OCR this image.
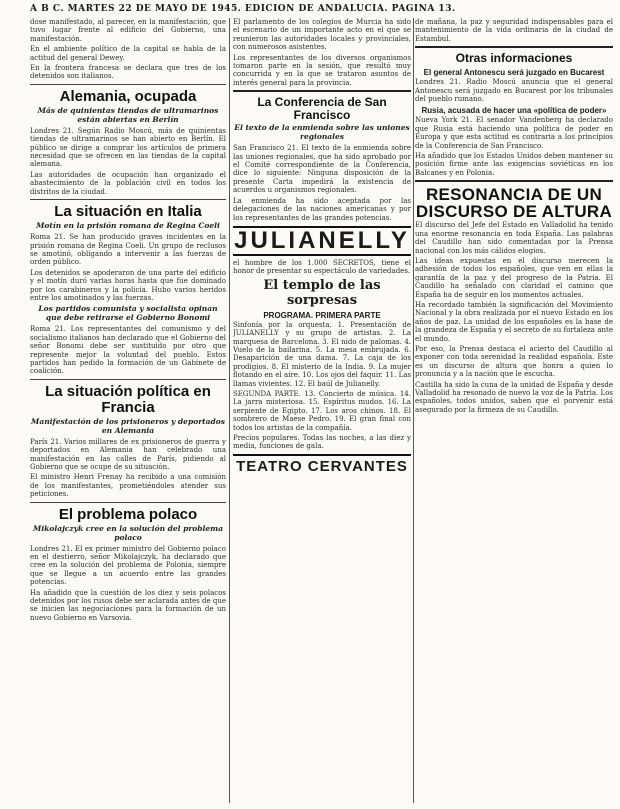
A B C. MARTES 22 DE MAYO DE 1945. EDICION DE ANDALUCIA. PAGINA 13.

dose manifestado, al parecer, en la manifestación, que tuvo lugar frente al edificio del Gobierno, una manifestación.

En el ambiente político de la capital se habla de la actitud del general Dewey.

En la frontera francesa se declara que tres de los detenidos son italianos.

Alemania, ocupada
Más de quinientas tiendas de ultramarinos están abiertas en Berlín

Londres 21. Según Radio Moscú, más de quinientas tiendas de ultramarinos se han abierto en Berlín. El público se dirige a comprar los artículos de primera necesidad que se ofrecen en las tiendas de la capital alemana.

Las autoridades de ocupación han organizado el abastecimiento de la población civil en todos los distritos de la ciudad.

La situación en Italia
Motín en la prisión romana de Regina Coeli

Roma 21. Se han producido graves incidentes en la prisión romana de Regina Coeli. Un grupo de reclusos se amotinó, obligando a intervenir a las fuerzas de orden público.

Los detenidos se apoderaron de una parte del edificio y el motín duró varias horas hasta que fue dominado por los carabineros y la policía. Hubo varios heridos entre los amotinados y las fuerzas.

Los partidos comunista y socialista opinan que debe retirarse el Gobierno Bonomi

Roma 21. Los representantes del comunismo y del socialismo italianos han declarado que el Gobierno del señor Bonomi debe ser sustituido por otro que represente mejor la voluntad del pueblo. Estos partidos han pedido la formación de un Gabinete de coalición.

La situación política en Francia
Manifestación de los prisioneros y deportados en Alemania

París 21. Varios millares de ex prisioneros de guerra y deportados en Alemania han celebrado una manifestación en las calles de París, pidiendo al Gobierno que se ocupe de su situación.

El ministro Henri Frenay ha recibido a una comisión de los manifestantes, prometiéndoles atender sus peticiones.

El problema polaco
Mikolajczyk cree en la solución del problema polaco

Londres 21. El ex primer ministro del Gobierno polaco en el destierro, señor Mikolajczyk, ha declarado que cree en la solución del problema de Polonia, siempre que se llegue a un acuerdo entre las grandes potencias.

Ha añadido que la cuestión de los diez y seis polacos detenidos por los rusos debe ser aclarada antes de que se inicien las negociaciones para la formación de un nuevo Gobierno en Varsovia.

El parlamento de los colegios de Murcia ha sido el escenario de un importante acto en el que se reunieron las autoridades locales y provinciales, con numerosos asistentes.

Los representantes de los diversos organismos tomaron parte en la sesión, que resultó muy concurrida y en la que se trataron asuntos de interés general para la provincia.

La Conferencia de San Francisco
El texto de la enmienda sobre las uniones regionales

San Francisco 21. El texto de la enmienda sobre las uniones regionales, que ha sido aprobado por el Comité correspondiente de la Conferencia, dice lo siguiente: Ninguna disposición de la presente Carta impedirá la existencia de acuerdos u organismos regionales.

La enmienda ha sido aceptada por las delegaciones de las naciones americanas y por los representantes de las grandes potencias.

JULIANELLY

el hombre de los 1.000 SECRETOS, tiene el honor de presentar su espectáculo de variedades.

El templo de las sorpresas
PROGRAMA. PRIMERA PARTE

Sinfonía por la orquesta. 1. Presentación de JULIANELLY y su grupo de artistas. 2. La marquesa de Barcelona. 3. El nido de palomas. 4. Vuelo de la bailarina. 5. La mesa embrujada. 6. Desaparición de una dama. 7. La caja de los prodigios. 8. El misterio de la India. 9. La mujer flotando en el aire. 10. Los ojos del faquir. 11. Las llamas vivientes. 12. El baúl de Julianelly.

SEGUNDA PARTE. 13. Concierto de música. 14. La jarra misteriosa. 15. Espíritus mudos. 16. La serpiente de Egipto. 17. Los aros chinos. 18. El sombrero de Maese Pedro. 19. El gran final con todos los artistas de la compañía.

Precios populares. Todas las noches, a las diez y media, funciones de gala.

TEATRO CERVANTES

de mañana, la paz y seguridad indispensables para el mantenimiento de la vida ordinaria de la ciudad de Estambul.

Otras informaciones
El general Antonescu será juzgado en Bucarest

Londres 21. Radio Moscú anuncia que el general Antonescu será juzgado en Bucarest por los tribunales del pueblo rumano.

Rusia, acusada de hacer una «política de poder»

Nueva York 21. El senador Vandenberg ha declarado que Rusia está haciendo una política de poder en Europa y que esta actitud es contraria a los principios de la Conferencia de San Francisco.

Ha añadido que los Estados Unidos deben mantener su posición firme ante las exigencias soviéticas en los Balcanes y en Polonia.

RESONANCIA DE UN DISCURSO DE ALTURA

El discurso del Jefe del Estado en Valladolid ha tenido una enorme resonancia en toda España. Las palabras del Caudillo han sido comentadas por la Prensa nacional con los más cálidos elogios.

Las ideas expuestas en el discurso merecen la adhesión de todos los españoles, que ven en ellas la garantía de la paz y del progreso de la Patria. El Caudillo ha señalado con claridad el camino que España ha de seguir en los momentos actuales.

Ha recordado también la significación del Movimiento Nacional y la obra realizada por el nuevo Estado en los años de paz. La unidad de los españoles es la base de la grandeza de España y el secreto de su fortaleza ante el mundo.

Por eso, la Prensa destaca el acierto del Caudillo al exponer con toda serenidad la realidad española. Este es un discurso de altura que honra a quien lo pronuncia y a la nación que le escucha.

Castilla ha sido la cuna de la unidad de España y desde Valladolid ha resonado de nuevo la voz de la Patria. Los españoles, todos unidos, saben que el porvenir está asegurado por la firmeza de su Caudillo.
